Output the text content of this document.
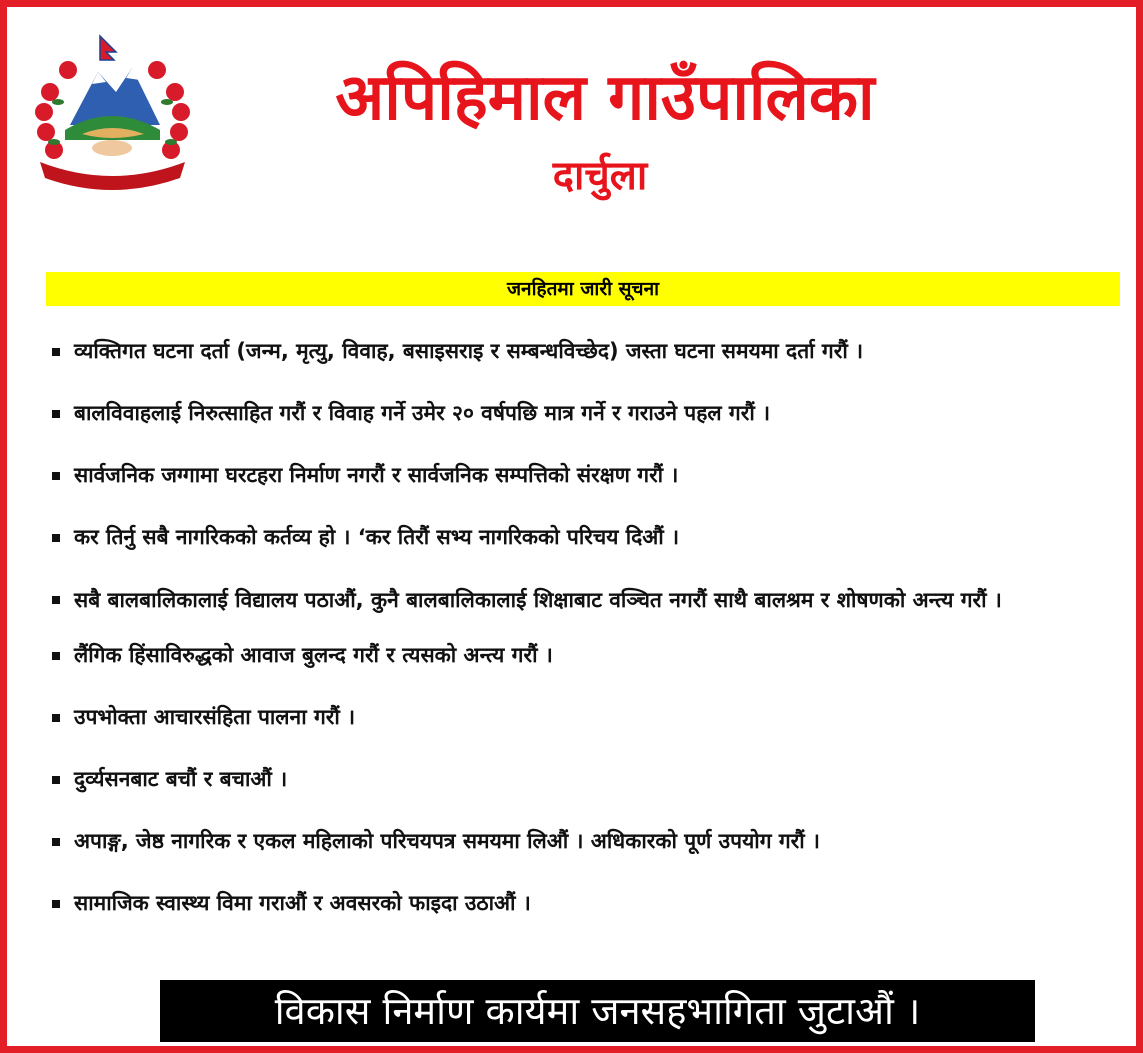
अपिहिमाल गाउँपालिका
दार्चुला
जनहितमा जारी सूचना
व्यक्तिगत घटना दर्ता (जन्म, मृत्यु, विवाह, बसाइसराइ र सम्बन्धविच्छेद) जस्ता घटना समयमा दर्ता गरौं ।
बालविवाहलाई निरुत्साहित गरौं र विवाह गर्ने उमेर २० वर्षपछि मात्र गर्ने र गराउने पहल गरौं ।
सार्वजनिक जग्गामा घरटहरा निर्माण नगरौं र सार्वजनिक सम्पत्तिको संरक्षण गरौं ।
कर तिर्नु सबै नागरिकको कर्तव्य हो । ‘कर तिरौं सभ्य नागरिकको परिचय दिऔं ।
सबै बालबालिकालाई विद्यालय पठाऔं, कुनै बालबालिकालाई शिक्षाबाट वञ्चित नगरौं साथै बालश्रम र शोषणको अन्त्य गरौं ।
लैंगिक हिंसाविरुद्धको आवाज बुलन्द गरौं र त्यसको अन्त्य गरौं ।
उपभोक्ता आचारसंहिता पालना गरौं ।
दुर्व्यसनबाट बचौं र बचाऔं ।
अपाङ्ग, जेष्ठ नागरिक र एकल महिलाको परिचयपत्र समयमा लिऔं । अधिकारको पूर्ण उपयोग गरौं ।
सामाजिक स्वास्थ्य विमा गराऔं र अवसरको फाइदा उठाऔं ।
विकास निर्माण कार्यमा जनसहभागिता जुटाऔं ।
